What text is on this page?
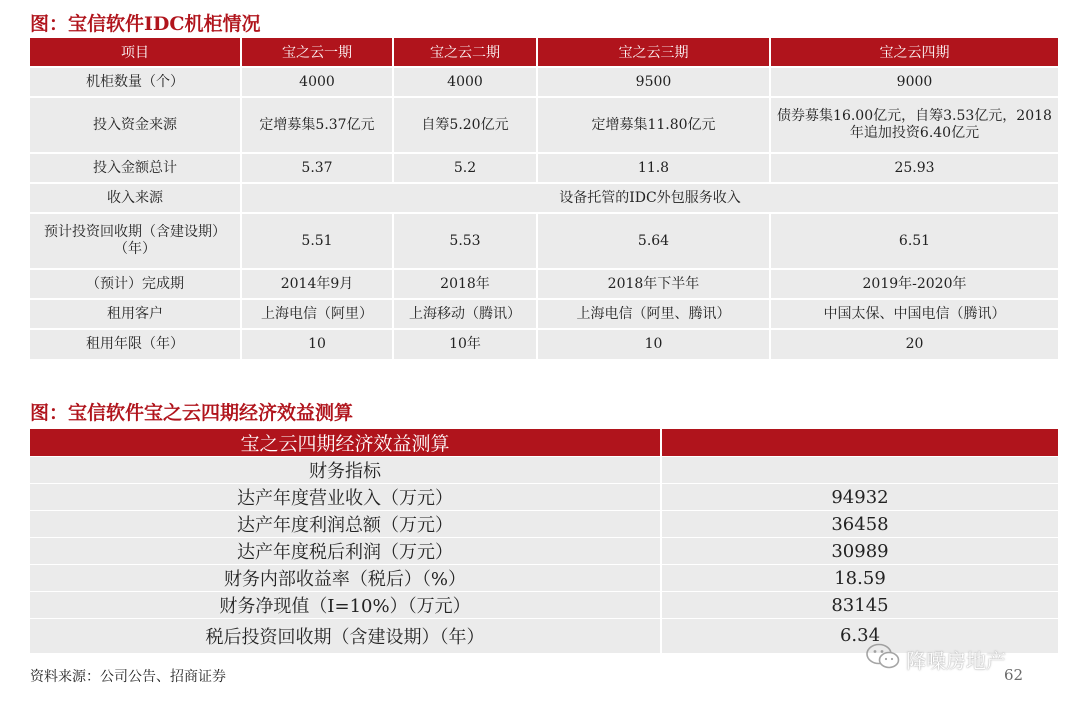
图：宝信软件IDC机柜情况
项目	宝之云一期	宝之云二期	宝之云三期	宝之云四期
机柜数量（个）	4000	4000	9500	9000
投入资金来源	定增募集5.37亿元	自筹5.20亿元	定增募集11.80亿元	债券募集16.00亿元，自筹3.53亿元，2018年追加投资6.40亿元
投入金额总计	5.37	5.2	11.8	25.93
收入来源	设备托管的IDC外包服务收入			
预计投资回收期（含建设期）（年）	5.51	5.53	5.64	6.51
（预计）完成期	2014年9月	2018年	2018年下半年	2019年-2020年
租用客户	上海电信（阿里）	上海移动（腾讯）	上海电信（阿里、腾讯）	中国太保、中国电信（腾讯）
租用年限（年）	10	10年	10	20
图：宝信软件宝之云四期经济效益测算
宝之云四期经济效益测算	
财务指标	
达产年度营业收入（万元）	94932
达产年度利润总额（万元）	36458
达产年度税后利润（万元）	30989
财务内部收益率（税后）（%）	18.59
财务净现值（I=10%）（万元）	83145
税后投资回收期（含建设期）（年）	6.34
资料来源：公司公告、招商证券
降噪房地产
62
